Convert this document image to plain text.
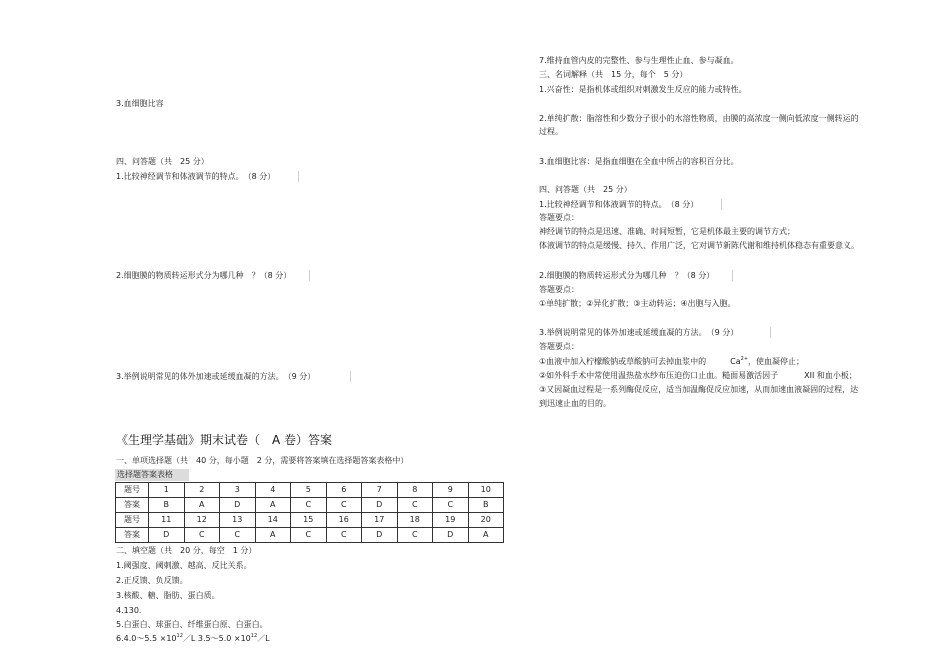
3.血细胞比容
四、问答题（共　25 分）
1.比较神经调节和体液调节的特点。　（8 分）
2.细胞膜的物质转运形式分为哪几种　？（8 分）
3.举例说明常见的体外加速或延缓血凝的方法。　（9 分）
《生理学基础》期末试卷（　A 卷）答案
一、单项选择题（共　40 分，每小题　2 分，需要将答案填在选择题答案表格中）
选择题答案表格
题号	1	2	3	4	5	6	7	8	9	10
答案	B	A	D	A	C	C	D	C	C	B
题号	11	12	13	14	15	16	17	18	19	20
答案	D	C	C	A	C	C	D	C	D	A
二、填空题（共　20 分，每空　1 分）
1.阈强度、阈刺激、越高、反比关系。
2.正反馈、负反馈。
3.核酸、糖、脂肪、蛋白质。
4.130.
5.白蛋白、球蛋白、纤维蛋白原、白蛋白。
6.4.0～5.5 $\times 10^{12}/L$ 3.5～5.0 $\times 10^{12}/L$
7.维持血管内皮的完整性、参与生理性止血、参与凝血。
三、名词解释（共　15 分，每个　5 分）
1.兴奋性：是指机体或组织对刺激发生反应的能力或特性。
2.单纯扩散：脂溶性和少数分子很小的水溶性物质，由膜的高浓度一侧向低浓度一侧转运的
过程。
3.血细胞比容：是指血细胞在全血中所占的容积百分比。
四、问答题（共　25 分）
1.比较神经调节和体液调节的特点。　（8 分）
答题要点：
神经调节的特点是迅速、准确、时间短暂，它是机体最主要的调节方式；
体液调节的特点是缓慢、持久、作用广泛，它对调节新陈代谢和维持机体稳态有重要意义。
2.细胞膜的物质转运形式分为哪几种　？（8 分）
答题要点：
①单纯扩散；②异化扩散；③主动转运；④出胞与入胞。
3.举例说明常见的体外加速或延缓血凝的方法。　（9 分）
答题要点：
①血液中加入柠檬酸钠或草酸钠可去掉血浆中的	$Ca^{2+}$，使血凝停止；
②如外科手术中常使用温热盐水纱布压迫伤口止血。糙面易激活因子	XII 和血小板；
③又因凝血过程是一系列酶促反应，适当加温酶促反应加速，从而加速血液凝固的过程，达
到迅速止血的目的。
